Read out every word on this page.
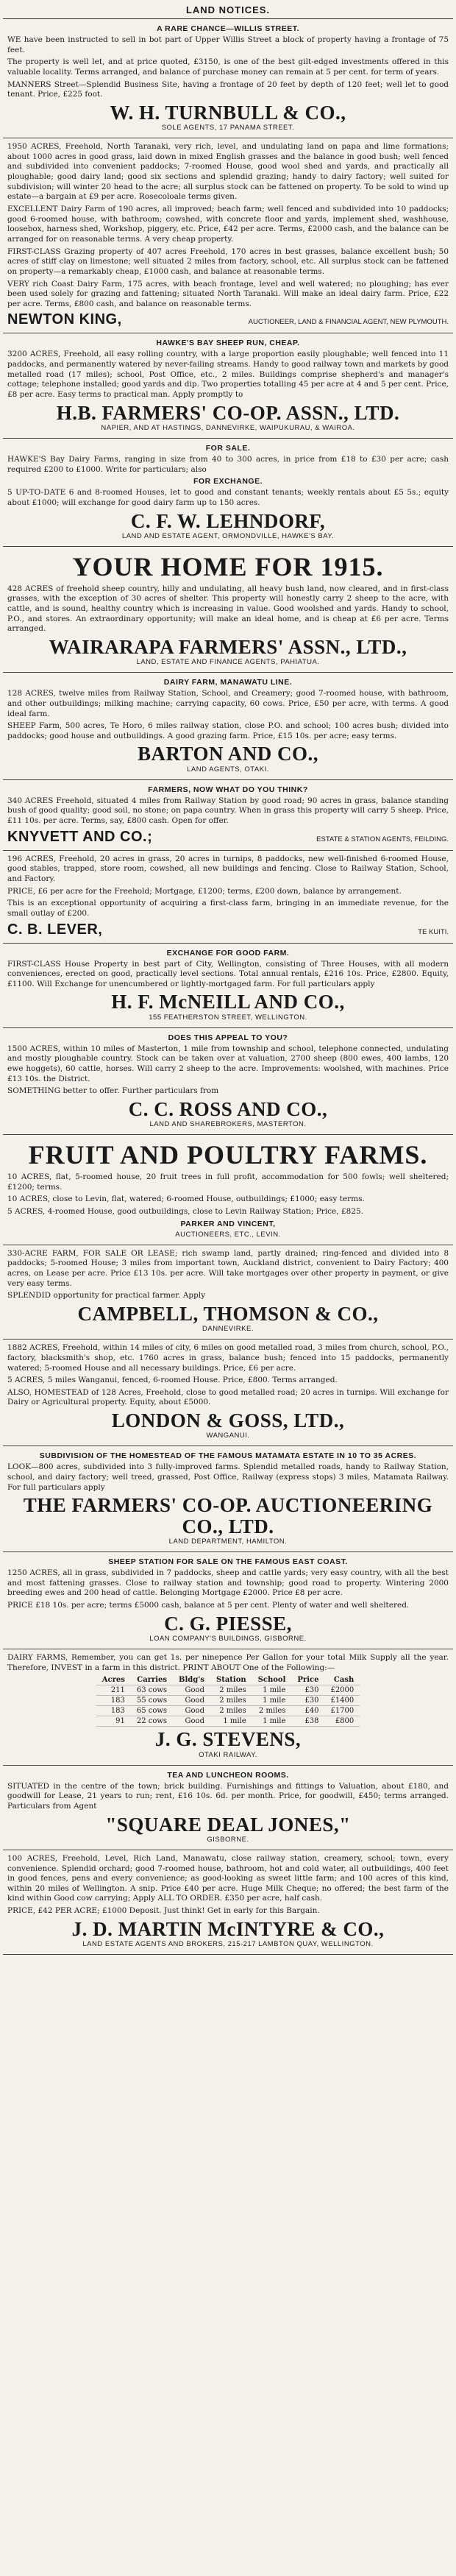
LAND NOTICES.
A RARE CHANCE—WILLIS STREET.

WE have been instructed to sell in bot part of Upper Willis Street a block of property having a frontage of 75 feet.

The property is well let, and at price quoted, £3150, is one of the best gilt-edged investments offered in this valuable locality. Terms arranged, and balance of purchase money can remain at 5 per cent. for term of years.

MANNERS Street—Splendid Business Site, having a frontage of 20 feet by depth of 120 feet; well let to good tenant. Price, £225 foot.

W. H. TURNBULL & CO.,
SOLE AGENTS, 17 PANAMA STREET.

1950 ACRES, Freehold, North Taranaki, very rich, level, and undulating land on papa and lime formations; about 1000 acres in good grass, laid down in mixed English grasses and the balance in good bush; well fenced and subdivided into convenient paddocks; 7-roomed House, good wool shed and yards, and practically all ploughable; good dairy land; good six sections and splendid grazing; handy to dairy factory; well suited for subdivision; will winter 20 head to the acre; all surplus stock can be fattened on property. To be sold to wind up estate—a bargain at £9 per acre. Rosecoloale terms given.

EXCELLENT Dairy Farm of 190 acres, all improved; beach farm; well fenced and subdivided into 10 paddocks; good 6-roomed house, with bathroom; cowshed, with concrete floor and yards, implement shed, washhouse, loosebox, harness shed, Workshop, piggery, etc. Price, £42 per acre. Terms, £2000 cash, and the balance can be arranged for on reasonable terms. A very cheap property.

FIRST-CLASS Grazing property of 407 acres Freehold, 170 acres in best grasses, balance excellent bush; 50 acres of stiff clay on limestone; well situated 2 miles from factory, school, etc. All surplus stock can be fattened on property—a remarkably cheap, £1000 cash, and balance at reasonable terms.

VERY rich Coast Dairy Farm, 175 acres, with beach frontage, level and well watered; no ploughing; has ever been used solely for grazing and fattening; situated North Taranaki. Will make an ideal dairy farm. Price, £22 per acre. Terms, £800 cash, and balance on reasonable terms.

NEWTON KING,	AUCTIONEER, LAND & FINANCIAL AGENT, NEW PLYMOUTH.
HAWKE'S BAY SHEEP RUN, CHEAP.

3200 ACRES, Freehold, all easy rolling country, with a large proportion easily ploughable; well fenced into 11 paddocks, and permanently watered by never-failing streams. Handy to good railway town and markets by good metalled road (17 miles); school, Post Office, etc., 2 miles. Buildings comprise shepherd's and manager's cottage; telephone installed; good yards and dip. Two properties totalling 45 per acre at 4 and 5 per cent. Price, £8 per acre. Easy terms to practical man. Apply promptly to

H.B. FARMERS' CO-OP. ASSN., LTD.
NAPIER, AND AT HASTINGS, DANNEVIRKE, WAIPUKURAU, & WAIROA.
FOR SALE.

HAWKE'S Bay Dairy Farms, ranging in size from 40 to 300 acres, in price from £18 to £30 per acre; cash required £200 to £1000. Write for particulars; also

FOR EXCHANGE.

5 UP-TO-DATE 6 and 8-roomed Houses, let to good and constant tenants; weekly rentals about £5 5s.; equity about £1000; will exchange for good dairy farm up to 150 acres.

C. F. W. LEHNDORF,
LAND AND ESTATE AGENT, ORMONDVILLE, HAWKE'S BAY.
YOUR HOME FOR 1915.

428 ACRES of freehold sheep country, hilly and undulating, all heavy bush land, now cleared, and in first-class grasses, with the exception of 30 acres of shelter. This property will honestly carry 2 sheep to the acre, with cattle, and is sound, healthy country which is increasing in value. Good woolshed and yards. Handy to school, P.O., and stores. An extraordinary opportunity; will make an ideal home, and is cheap at £6 per acre. Terms arranged.

WAIRARAPA FARMERS' ASSN., LTD.,
LAND, ESTATE AND FINANCE AGENTS, PAHIATUA.
DAIRY FARM, MANAWATU LINE.

128 ACRES, twelve miles from Railway Station, School, and Creamery; good 7-roomed house, with bathroom, and other outbuildings; milking machine; carrying capacity, 60 cows. Price, £50 per acre, with terms. A good ideal farm.

SHEEP Farm, 500 acres, Te Horo, 6 miles railway station, close P.O. and school; 100 acres bush; divided into paddocks; good house and outbuildings. A good grazing farm. Price, £15 10s. per acre; easy terms.

BARTON AND CO.,
LAND AGENTS, OTAKI.
FARMERS, NOW WHAT DO YOU THINK?

340 ACRES Freehold, situated 4 miles from Railway Station by good road; 90 acres in grass, balance standing bush of good quality; good soil, no stone; on papa country. When in grass this property will carry 5 sheep. Price, £11 10s. per acre. Terms, say, £800 cash. Open for offer.

KNYVETT AND CO.;	ESTATE & STATION AGENTS, FEILDING.

196 ACRES, Freehold, 20 acres in grass, 20 acres in turnips, 8 paddocks, new well-finished 6-roomed House, good stables, trapped, store room, cowshed, all new buildings and fencing. Close to Railway Station, School, and Factory.

PRICE, £6 per acre for the Freehold; Mortgage, £1200; terms, £200 down, balance by arrangement.

This is an exceptional opportunity of acquiring a first-class farm, bringing in an immediate revenue, for the small outlay of £200.

C. B. LEVER,	TE KUITI.
EXCHANGE FOR GOOD FARM.

FIRST-CLASS House Property in best part of City, Wellington, consisting of Three Houses, with all modern conveniences, erected on good, practically level sections. Total annual rentals, £216 10s. Price, £2800. Equity, £1100. Will Exchange for unencumbered or lightly-mortgaged farm. For full particulars apply

H. F. McNEILL AND CO.,
155 FEATHERSTON STREET, WELLINGTON.
DOES THIS APPEAL TO YOU?

1500 ACRES, within 10 miles of Masterton, 1 mile from township and school, telephone connected, undulating and mostly ploughable country. Stock can be taken over at valuation, 2700 sheep (800 ewes, 400 lambs, 120 ewe hoggets), 60 cattle, horses. Will carry 2 sheep to the acre. Improvements: woolshed, with machines. Price £13 10s. the District.

SOMETHING better to offer. Further particulars from

C. C. ROSS AND CO.,
LAND AND SHAREBROKERS, MASTERTON.
FRUIT AND POULTRY FARMS.

10 ACRES, flat, 5-roomed house, 20 fruit trees in full profit, accommodation for 500 fowls; well sheltered; £1200; terms.

10 ACRES, close to Levin, flat, watered; 6-roomed House, outbuildings; £1000; easy terms.

5 ACRES, 4-roomed House, good outbuildings, close to Levin Railway Station; Price, £825.

PARKER AND VINCENT,
AUCTIONEERS, ETC., LEVIN.

330-ACRE FARM, FOR SALE OR LEASE; rich swamp land, partly drained; ring-fenced and divided into 8 paddocks; 5-roomed House; 3 miles from important town, Auckland district, convenient to Dairy Factory; 400 acres, on Lease per acre. Price £13 10s. per acre. Will take mortgages over other property in payment, or give very easy terms.

SPLENDID opportunity for practical farmer. Apply

CAMPBELL, THOMSON & CO.,
DANNEVIRKE.

1882 ACRES, Freehold, within 14 miles of city, 6 miles on good metalled road, 3 miles from church, school, P.O., factory, blacksmith's shop, etc. 1760 acres in grass, balance bush; fenced into 15 paddocks, permanently watered; 5-roomed House and all necessary buildings. Price, £6 per acre.

5 ACRES, 5 miles Wanganui, fenced, 6-roomed House. Price, £800. Terms arranged.

ALSO, HOMESTEAD of 128 Acres, Freehold, close to good metalled road; 20 acres in turnips. Will exchange for Dairy or Agricultural property. Equity, about £5000.

LONDON & GOSS, LTD.,
WANGANUI.
SUBDIVISION OF THE HOMESTEAD OF THE FAMOUS MATAMATA ESTATE IN 10 TO 35 ACRES.

LOOK—800 acres, subdivided into 3 fully-improved farms. Splendid metalled roads, handy to Railway Station, school, and dairy factory; well treed, grassed, Post Office, Railway (express stops) 3 miles, Matamata Railway. For full particulars apply

THE FARMERS' CO-OP. AUCTIONEERING CO., LTD.
LAND DEPARTMENT, HAMILTON.
SHEEP STATION FOR SALE ON THE FAMOUS EAST COAST.

1250 ACRES, all in grass, subdivided in 7 paddocks, sheep and cattle yards; very easy country, with all the best and most fattening grasses. Close to railway station and township; good road to property. Wintering 2000 breeding ewes and 200 head of cattle. Belonging Mortgage £2000. Price £8 per acre.

PRICE £18 10s. per acre; terms £5000 cash, balance at 5 per cent. Plenty of water and well sheltered.

C. G. PIESSE,
LOAN COMPANY'S BUILDINGS, GISBORNE.

DAIRY FARMS, Remember, you can get 1s. per ninepence Per Gallon for your total Milk Supply all the year. Therefore, INVEST in a farm in this district. PRINT ABOUT One of the Following:—

Acres	Carries	Bldg's	Station	School	Price	Cash
211	63 cows	Good	2 miles	1 mile	£30	£2000
183	55 cows	Good	2 miles	1 mile	£30	£1400
183	65 cows	Good	2 miles	2 miles	£40	£1700
91	22 cows	Good	1 mile	1 mile	£38	£800
J. G. STEVENS,
OTAKI RAILWAY.
TEA AND LUNCHEON ROOMS.

SITUATED in the centre of the town; brick building. Furnishings and fittings to Valuation, about £180, and goodwill for Lease, 21 years to run; rent, £16 10s. 6d. per month. Price, for goodwill, £450; terms arranged. Particulars from Agent

"SQUARE DEAL JONES,"
GISBORNE.

100 ACRES, Freehold, Level, Rich Land, Manawatu, close railway station, creamery, school; town, every convenience. Splendid orchard; good 7-roomed house, bathroom, hot and cold water, all outbuildings, 400 feet in good fences, pens and every convenience; as good-looking as sweet little farm; and 100 acres of this kind, within 20 miles of Wellington. A snip. Price £40 per acre. Huge Milk Cheque; no offered; the best farm of the kind within Good cow carrying; Apply ALL TO ORDER. £350 per acre, half cash.

PRICE, £42 PER ACRE; £1000 Deposit. Just think! Get in early for this Bargain.

J. D. MARTIN McINTYRE & CO.,
LAND ESTATE AGENTS AND BROKERS, 215-217 LAMBTON QUAY, WELLINGTON.
